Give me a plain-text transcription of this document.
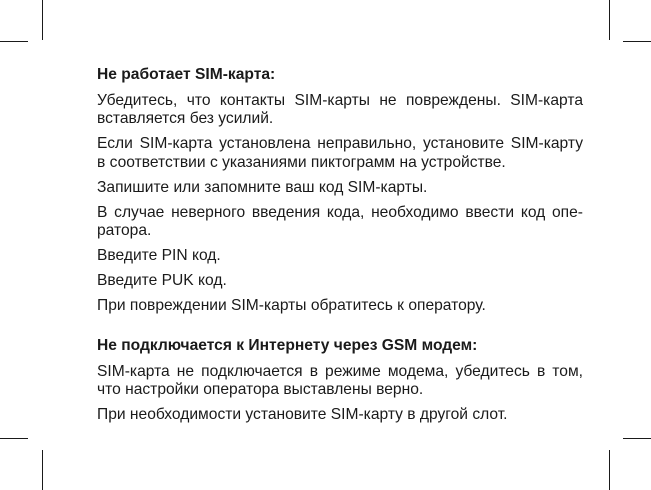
Не работает SIM-карта:

Убедитесь, что контакты SIM-карты не повреждены. SIM-карта вставляется без усилий.

Если SIM-карта установлена неправильно, установите SIM-карту в соответствии с указаниями пиктограмм на устройстве.

Запишите или запомните ваш код SIM-карты.

В случае неверного введения кода, необходимо ввести код опе- ратора.

Введите PIN код.

Введите PUK код.

При повреждении SIM-карты обратитесь к оператору.

Не подключается к Интернету через GSM модем:

SIM-карта не подключается в режиме модема, убедитесь в том, что настройки оператора выставлены верно.

При необходимости установите SIM-карту в другой слот.
